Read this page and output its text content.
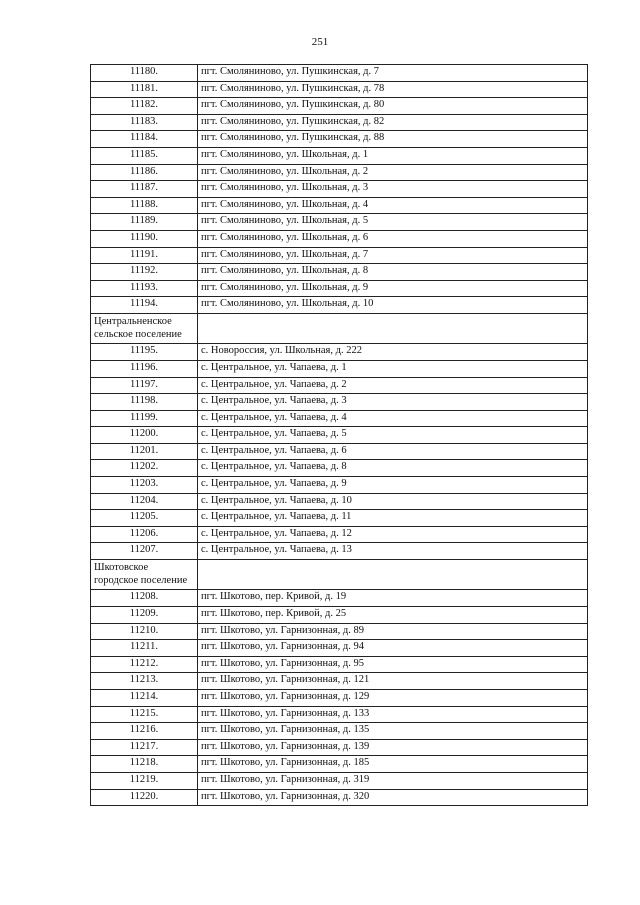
251
11180.	пгт. Смоляниново, ул. Пушкинская, д. 7
11181.	пгт. Смоляниново, ул. Пушкинская, д. 78
11182.	пгт. Смоляниново, ул. Пушкинская, д. 80
11183.	пгт. Смоляниново, ул. Пушкинская, д. 82
11184.	пгт. Смоляниново, ул. Пушкинская, д. 88
11185.	пгт. Смоляниново, ул. Школьная, д. 1
11186.	пгт. Смоляниново, ул. Школьная, д. 2
11187.	пгт. Смоляниново, ул. Школьная, д. 3
11188.	пгт. Смоляниново, ул. Школьная, д. 4
11189.	пгт. Смоляниново, ул. Школьная, д. 5
11190.	пгт. Смоляниново, ул. Школьная, д. 6
11191.	пгт. Смоляниново, ул. Школьная, д. 7
11192.	пгт. Смоляниново, ул. Школьная, д. 8
11193.	пгт. Смоляниново, ул. Школьная, д. 9
11194.	пгт. Смоляниново, ул. Школьная, д. 10
Центральненское сельское поселение	
11195.	с. Новороссия, ул. Школьная, д. 222
11196.	с. Центральное, ул. Чапаева, д. 1
11197.	с. Центральное, ул. Чапаева, д. 2
11198.	с. Центральное, ул. Чапаева, д. 3
11199.	с. Центральное, ул. Чапаева, д. 4
11200.	с. Центральное, ул. Чапаева, д. 5
11201.	с. Центральное, ул. Чапаева, д. 6
11202.	с. Центральное, ул. Чапаева, д. 8
11203.	с. Центральное, ул. Чапаева, д. 9
11204.	с. Центральное, ул. Чапаева, д. 10
11205.	с. Центральное, ул. Чапаева, д. 11
11206.	с. Центральное, ул. Чапаева, д. 12
11207.	с. Центральное, ул. Чапаева, д. 13
Шкотовское городское поселение	
11208.	пгт. Шкотово, пер. Кривой, д. 19
11209.	пгт. Шкотово, пер. Кривой, д. 25
11210.	пгт. Шкотово, ул. Гарнизонная, д. 89
11211.	пгт. Шкотово, ул. Гарнизонная, д. 94
11212.	пгт. Шкотово, ул. Гарнизонная, д. 95
11213.	пгт. Шкотово, ул. Гарнизонная, д. 121
11214.	пгт. Шкотово, ул. Гарнизонная, д. 129
11215.	пгт. Шкотово, ул. Гарнизонная, д. 133
11216.	пгт. Шкотово, ул. Гарнизонная, д. 135
11217.	пгт. Шкотово, ул. Гарнизонная, д. 139
11218.	пгт. Шкотово, ул. Гарнизонная, д. 185
11219.	пгт. Шкотово, ул. Гарнизонная, д. 319
11220.	пгт. Шкотово, ул. Гарнизонная, д. 320
